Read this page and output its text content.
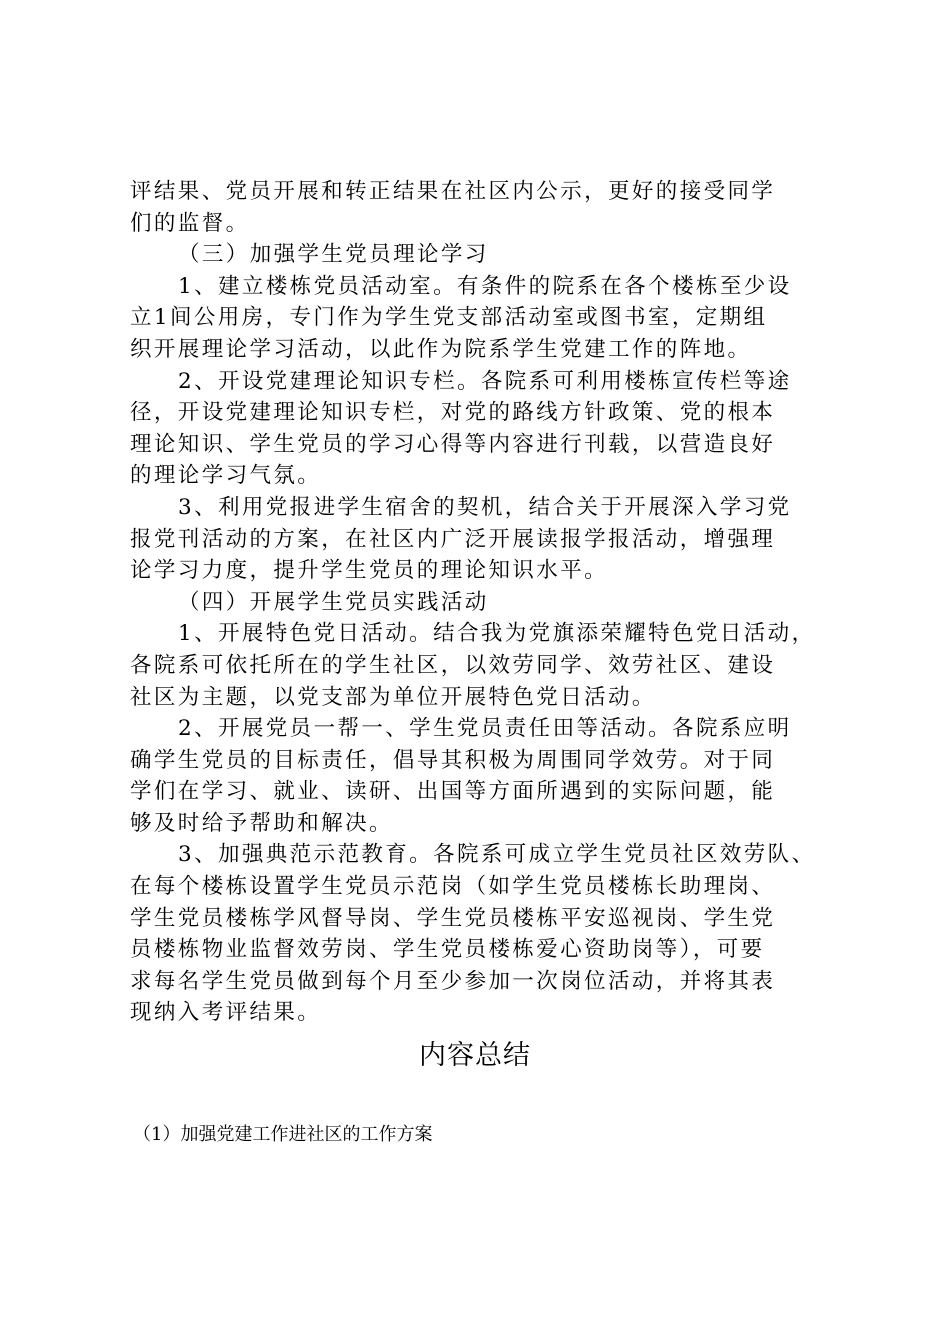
评结果、党员开展和转正结果在社区内公示，更好的接受同学
们的监督。
（三）加强学生党员理论学习
1、建立楼栋党员活动室。有条件的院系在各个楼栋至少设
立1间公用房，专门作为学生党支部活动室或图书室，定期组
织开展理论学习活动，以此作为院系学生党建工作的阵地。
2、开设党建理论知识专栏。各院系可利用楼栋宣传栏等途
径，开设党建理论知识专栏，对党的路线方针政策、党的根本
理论知识、学生党员的学习心得等内容进行刊载，以营造良好
的理论学习气氛。
3、利用党报进学生宿舍的契机，结合关于开展深入学习党
报党刊活动的方案，在社区内广泛开展读报学报活动，增强理
论学习力度，提升学生党员的理论知识水平。
（四）开展学生党员实践活动
1、开展特色党日活动。结合我为党旗添荣耀特色党日活动，
各院系可依托所在的学生社区，以效劳同学、效劳社区、建设
社区为主题，以党支部为单位开展特色党日活动。
2、开展党员一帮一、学生党员责任田等活动。各院系应明
确学生党员的目标责任，倡导其积极为周围同学效劳。对于同
学们在学习、就业、读研、出国等方面所遇到的实际问题，能
够及时给予帮助和解决。
3、加强典范示范教育。各院系可成立学生党员社区效劳队、
在每个楼栋设置学生党员示范岗（如学生党员楼栋长助理岗、
学生党员楼栋学风督导岗、学生党员楼栋平安巡视岗、学生党
员楼栋物业监督效劳岗、学生党员楼栋爱心资助岗等），可要
求每名学生党员做到每个月至少参加一次岗位活动，并将其表
现纳入考评结果。
内容总结
（1）加强党建工作进社区的工作方案
